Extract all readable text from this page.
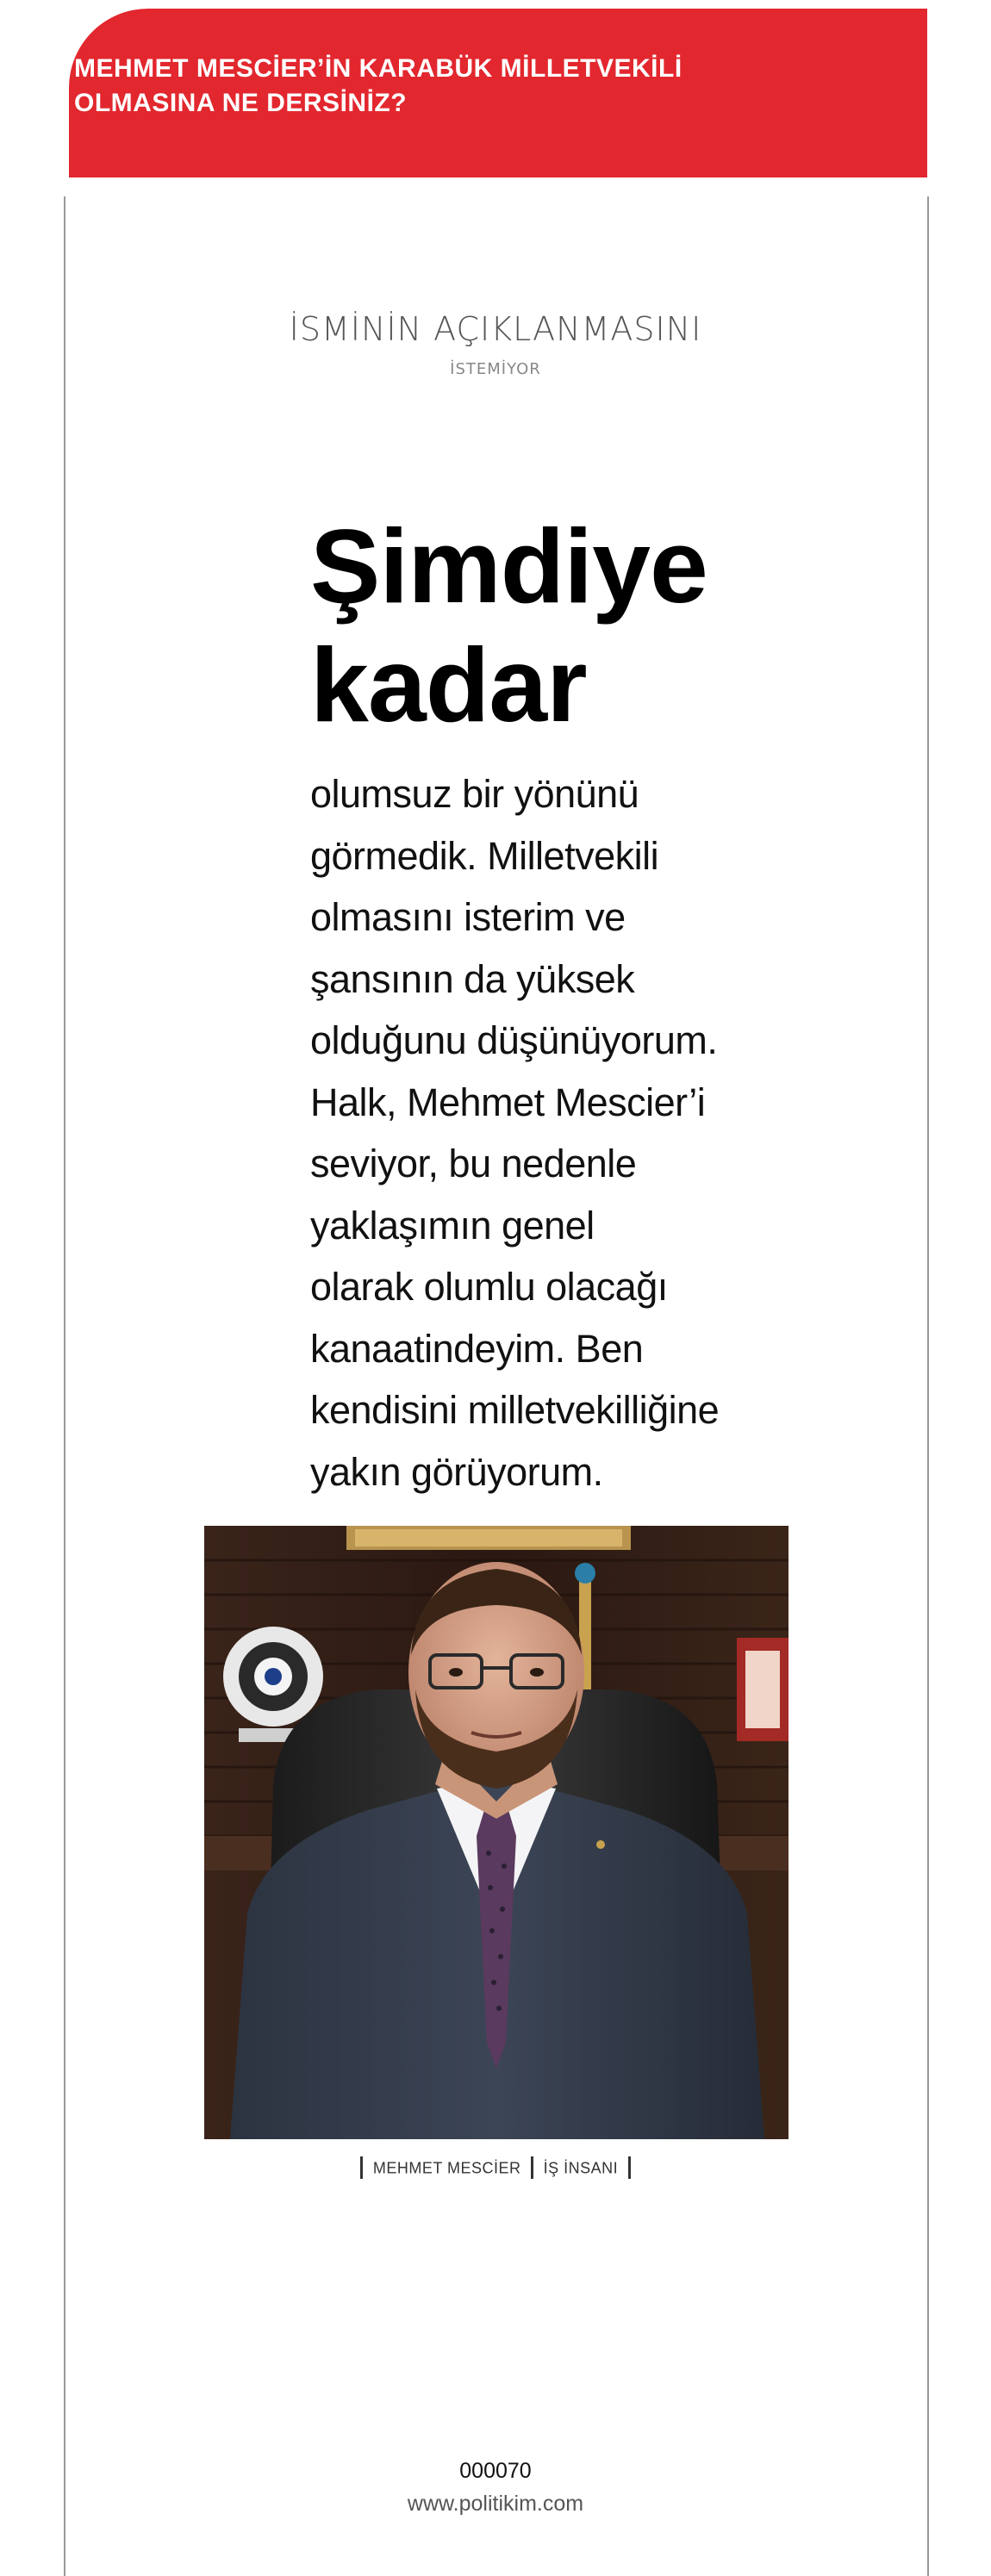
MEHMET MESCİER’İN KARABÜK MİLLETVEKİLİ
OLMASINA NE DERSİNİZ?
İSMİNİN AÇIKLANMASINI
İSTEMİYOR
Şimdiye
kadar

olumsuz bir yönünü
görmedik. Milletvekili
olmasını isterim ve
şansının da yüksek
olduğunu düşünüyorum.
Halk, Mehmet Mescier’i
seviyor, bu nedenle
yaklaşımın genel
olarak olumlu olacağı
kanaatindeyim. Ben
kendisini milletvekilliğine
yakın görüyorum.

MEHMET MESCİER İŞ İNSANI
000070
www.politikim.com
